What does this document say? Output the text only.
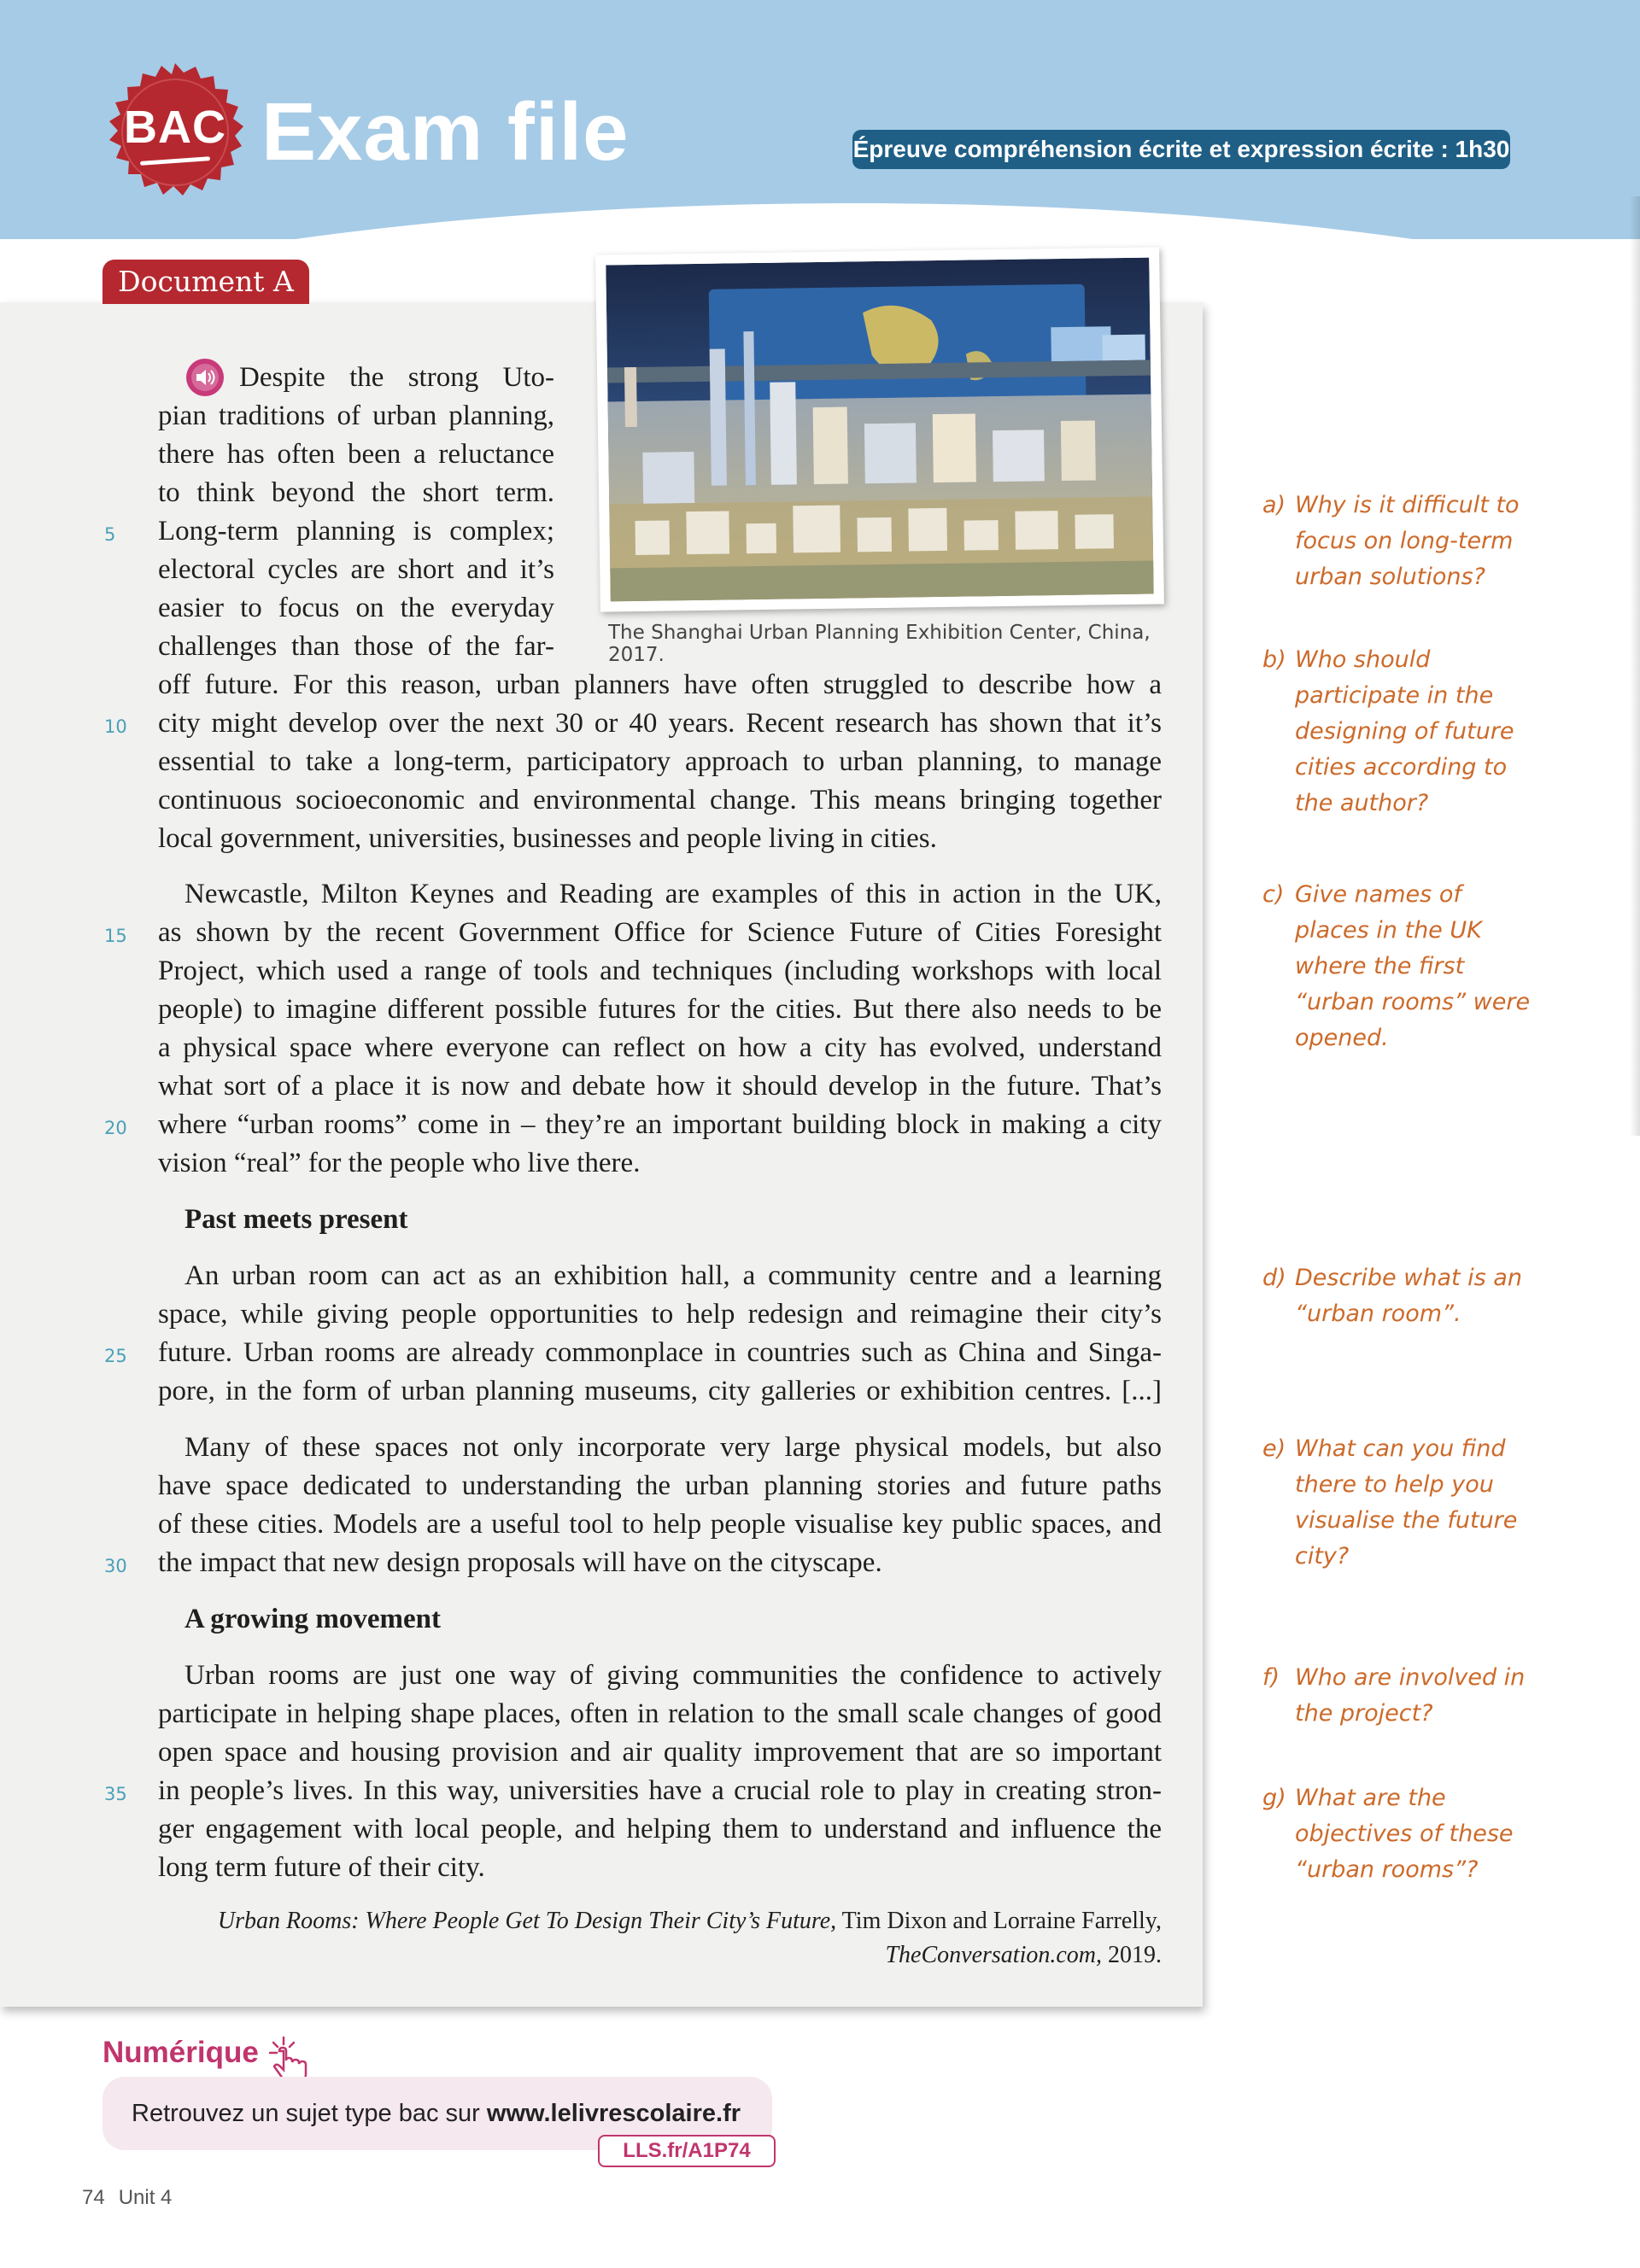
BAC Exam file	Épreuve compréhension écrite et expression écrite : 1h30
Document A
The Shanghai Urban Planning Exhibition Center, China, 2017.
Despite the strong Uto-
pian traditions of urban planning,
there has often been a reluctance
to think beyond the short term.
Long-term planning is complex;
electoral cycles are short and it’s
easier to focus on the everyday
challenges than those of the far-
off future. For this reason, urban planners have often struggled to describe how a
city might develop over the next 30 or 40 years. Recent research has shown that it’s
essential to take a long-term, participatory approach to urban planning, to manage
continuous socioeconomic and environmental change. This means bringing together
local government, universities, businesses and people living in cities.
Newcastle, Milton Keynes and Reading are examples of this in action in the UK,
as shown by the recent Government Office for Science Future of Cities Foresight
Project, which used a range of tools and techniques (including workshops with local
people) to imagine different possible futures for the cities. But there also needs to be
a physical space where everyone can reflect on how a city has evolved, understand
what sort of a place it is now and debate how it should develop in the future. That’s
where “urban rooms” come in – they’re an important building block in making a city
vision “real” for the people who live there.
Past meets present
An urban room can act as an exhibition hall, a community centre and a learning
space, while giving people opportunities to help redesign and reimagine their city’s
future. Urban rooms are already commonplace in countries such as China and Singa-
pore, in the form of urban planning museums, city galleries or exhibition centres. [...]
Many of these spaces not only incorporate very large physical models, but also
have space dedicated to understanding the urban planning stories and future paths
of these cities. Models are a useful tool to help people visualise key public spaces, and
the impact that new design proposals will have on the cityscape.
A growing movement
Urban rooms are just one way of giving communities the confidence to actively
participate in helping shape places, often in relation to the small scale changes of good
open space and housing provision and air quality improvement that are so important
in people’s lives. In this way, universities have a crucial role to play in creating stron-
ger engagement with local people, and helping them to understand and influence the
long term future of their city.
5
10
15
20
25
30
35
Urban Rooms: Where People Get To Design Their City’s Future, Tim Dixon and Lorraine Farrelly,
TheConversation.com, 2019.
a) Why is it difficult to focus on long-term urban solutions?
b) Who should participate in the designing of future cities according to the author?
c) Give names of places in the UK where the first “urban rooms” were opened.
d) Describe what is an “urban room”.
e) What can you find there to help you visualise the future city?
f) Who are involved in the project?
g) What are the objectives of these “urban rooms”?
Numérique
Retrouvez un sujet type bac sur www.lelivrescolaire.fr
LLS.fr/A1P74
74 Unit 4
